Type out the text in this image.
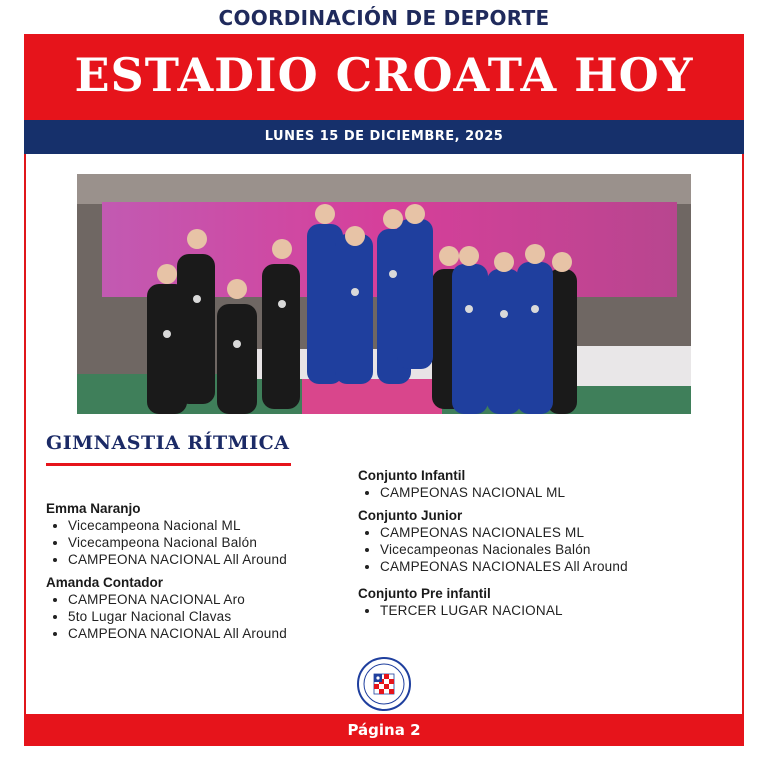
COORDINACIÓN DE DEPORTE
ESTADIO CROATA HOY
LUNES 15 DE DICIEMBRE, 2025
GIMNASTIA RÍTMICA
Emma Naranjo
• Vicecampeona Nacional ML
• Vicecampeona Nacional Balón
• CAMPEONA NACIONAL All Around
Amanda Contador
• CAMPEONA NACIONAL Aro
• 5to Lugar Nacional Clavas
• CAMPEONA NACIONAL All Around
Conjunto Infantil
• CAMPEONAS NACIONAL ML
Conjunto Junior
• CAMPEONAS NACIONALES ML
• Vicecampeonas Nacionales Balón
• CAMPEONAS NACIONALES All Around
Conjunto Pre infantil
• TERCER LUGAR NACIONAL
Página 2
